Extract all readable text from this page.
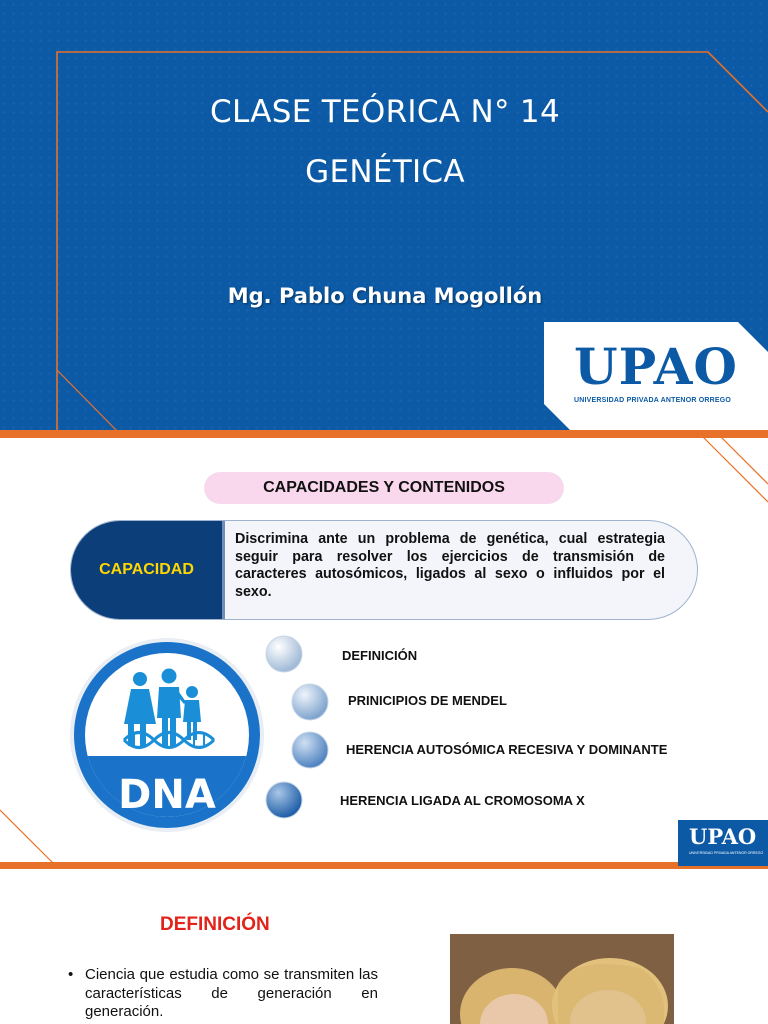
CLASE TEÓRICA N° 14
GENÉTICA
Mg. Pablo Chuna Mogollón
UPAO
UNIVERSIDAD PRIVADA ANTENOR ORREGO
CAPACIDADES Y CONTENIDOS
CAPACIDAD
Discrimina ante un problema de genética, cual estrategia seguir para resolver los ejercicios de transmisión de caracteres autosómicos, ligados al sexo o influidos por el sexo.
DNA
DEFINICIÓN
PRINICIPIOS DE MENDEL
HERENCIA AUTOSÓMICA RECESIVA Y DOMINANTE
HERENCIA LIGADA AL CROMOSOMA X
UPAO
UNIVERSIDAD PRIVADA ANTENOR ORREGO
DEFINICIÓN
• Ciencia que estudia como se transmiten las características de generación en generación.
